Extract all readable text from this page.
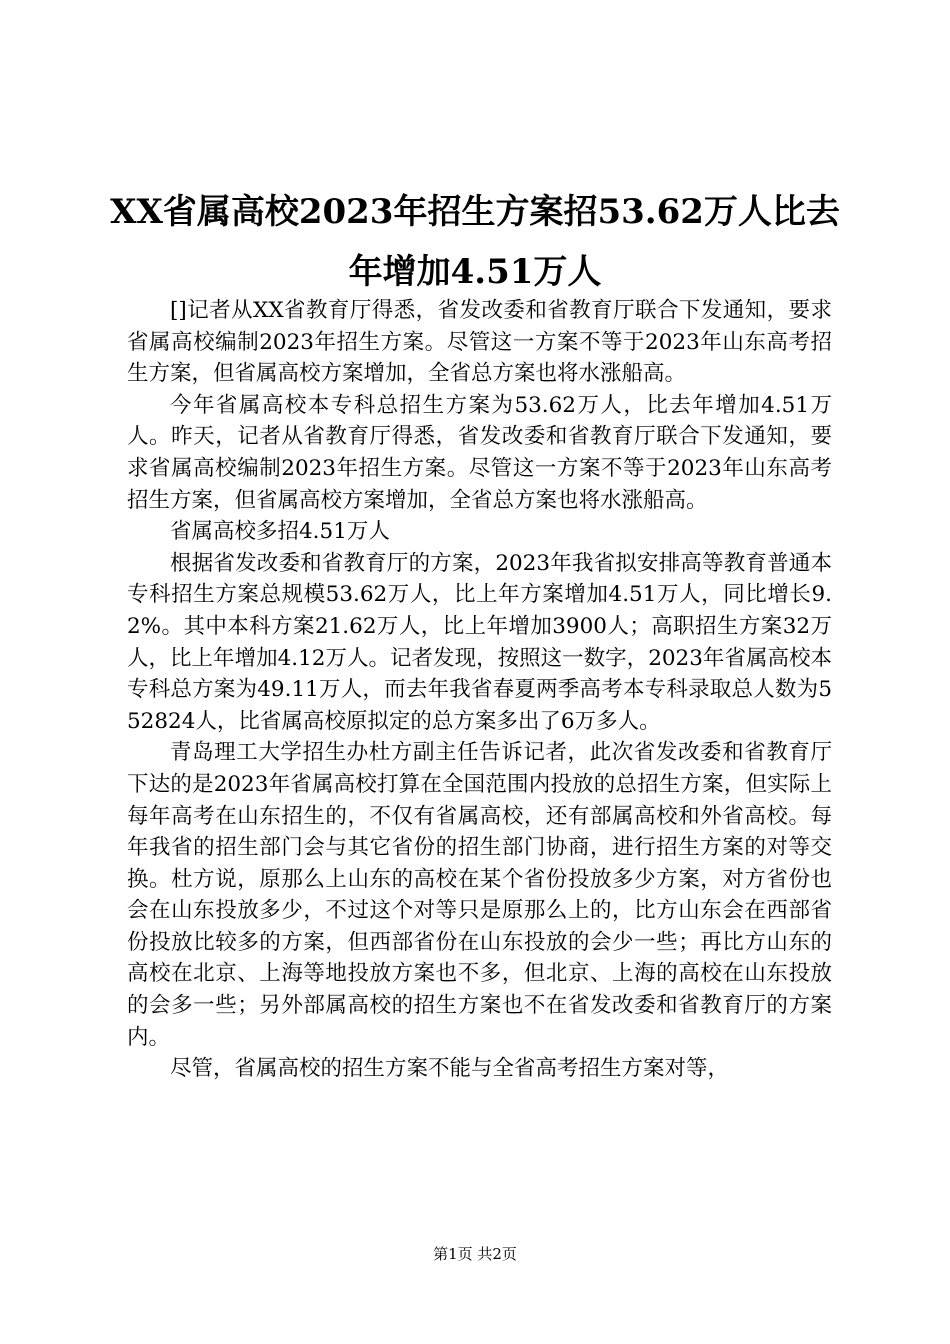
XX省属高校2023年招生方案招53.62万人比去年增加4.51万人

[]记者从XX省教育厅得悉，省发改委和省教育厅联合下发通知，要求省属高校编制2023年招生方案。尽管这一方案不等于2023年山东高考招生方案，但省属高校方案增加，全省总方案也将水涨船高。

今年省属高校本专科总招生方案为53.62万人，比去年增加4.51万人。昨天，记者从省教育厅得悉，省发改委和省教育厅联合下发通知，要求省属高校编制2023年招生方案。尽管这一方案不等于2023年山东高考招生方案，但省属高校方案增加，全省总方案也将水涨船高。

省属高校多招4.51万人

根据省发改委和省教育厅的方案，2023年我省拟安排高等教育普通本专科招生方案总规模53.62万人，比上年方案增加4.51万人，同比增长9.2%。其中本科方案21.62万人，比上年增加3900人；高职招生方案32万人，比上年增加4.12万人。记者发现，按照这一数字，2023年省属高校本专科总方案为49.11万人，而去年我省春夏两季高考本专科录取总人数为552824人，比省属高校原拟定的总方案多出了6万多人。

青岛理工大学招生办杜方副主任告诉记者，此次省发改委和省教育厅下达的是2023年省属高校打算在全国范围内投放的总招生方案，但实际上每年高考在山东招生的，不仅有省属高校，还有部属高校和外省高校。每年我省的招生部门会与其它省份的招生部门协商，进行招生方案的对等交换。杜方说，原那么上山东的高校在某个省份投放多少方案，对方省份也会在山东投放多少，不过这个对等只是原那么上的，比方山东会在西部省份投放比较多的方案，但西部省份在山东投放的会少一些；再比方山东的高校在北京、上海等地投放方案也不多，但北京、上海的高校在山东投放的会多一些；另外部属高校的招生方案也不在省发改委和省教育厅的方案内。

尽管，省属高校的招生方案不能与全省高考招生方案对等，

第1页 共2页
